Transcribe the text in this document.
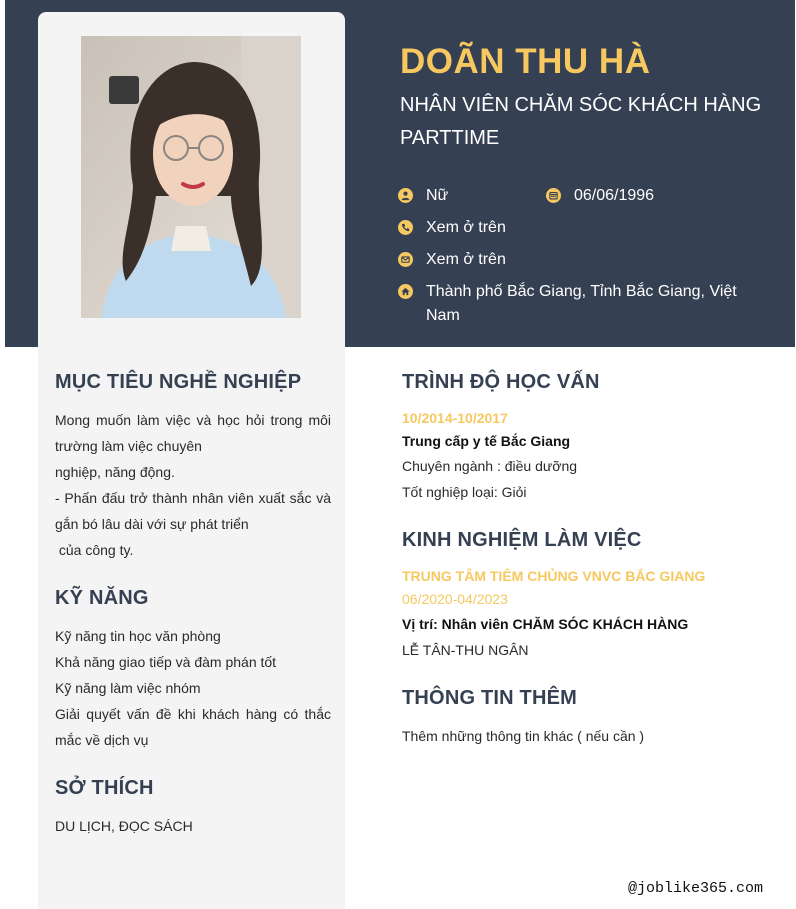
DOÃN THU HÀ
NHÂN VIÊN CHĂM SÓC KHÁCH HÀNG PARTTIME
Nữ	06/06/1996
Xem ở trên
Xem ở trên
Thành phố Bắc Giang, Tỉnh Bắc Giang, Việt Nam
MỤC TIÊU NGHỀ NGHIỆP
Mong muốn làm việc và học hỏi trong môi
trường làm việc chuyên
nghiệp, năng động.
- Phấn đấu trở thành nhân viên xuất sắc và
gắn bó lâu dài với sự phát triển
của công ty.
KỸ NĂNG
Kỹ năng tin học văn phòng
Khả năng giao tiếp và đàm phán tốt
Kỹ năng làm việc nhóm
Giải quyết vấn đề khi khách hàng có thắc
mắc về dịch vụ
SỞ THÍCH
DU LỊCH, ĐỌC SÁCH
TRÌNH ĐỘ HỌC VẤN
10/2014-10/2017
Trung cấp y tế Bắc Giang
Chuyên ngành : điều dưỡng
Tốt nghiệp loại: Giỏi
KINH NGHIỆM LÀM VIỆC
TRUNG TÂM TIÊM CHỦNG VNVC BẮC GIANG
06/2020-04/2023
Vị trí: Nhân viên CHĂM SÓC KHÁCH HÀNG
LỄ TÂN-THU NGÂN
THÔNG TIN THÊM
Thêm những thông tin khác ( nếu cần )
@joblike365.com
